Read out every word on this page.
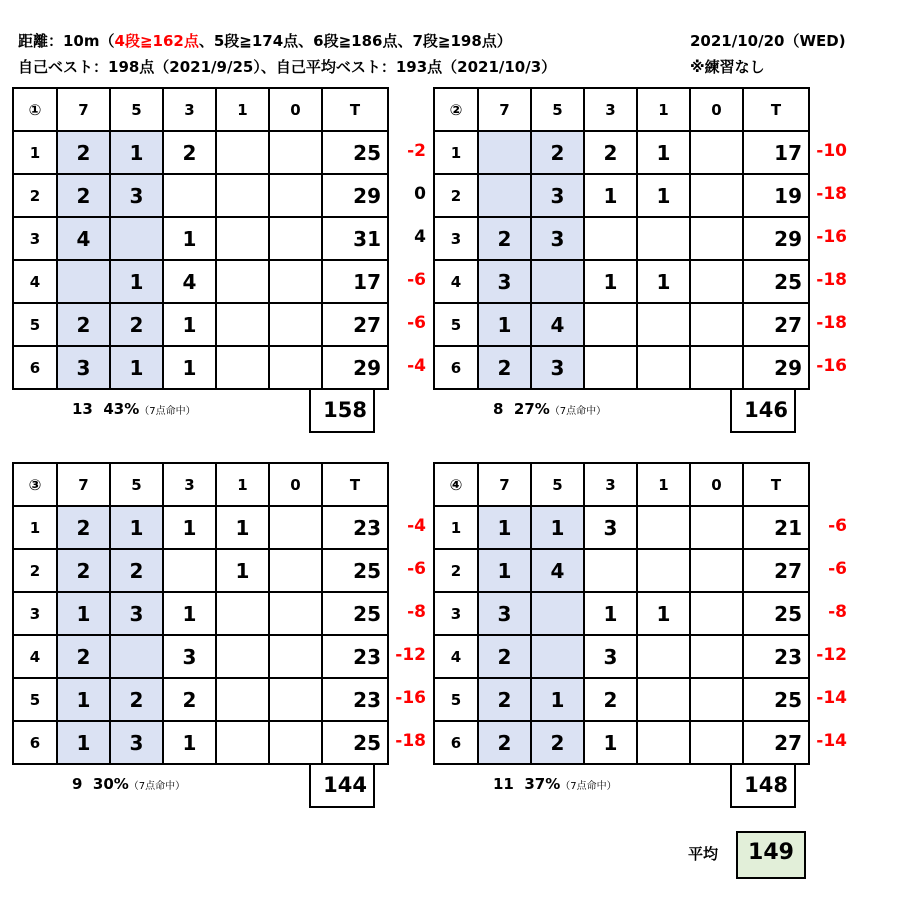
距離：10m（4段≧162点、5段≧174点、6段≧186点、7段≧198点）
自己ベスト：198点（2021/9/25）、自己平均ベスト：193点（2021/10/3）
2021/10/20（WED)
※練習なし
①	7	5	3	1	0	T
1	2	1	2			25
2	2	3				29
3	4		1			31
4		1	4			17
5	2	2	1			27
6	3	1	1			29
-2
0
4
-6
-6
-4
13 43%（7点命中）	158
②	7	5	3	1	0	T
1		2	2	1		17
2		3	1	1		19
3	2	3				29
4	3		1	1		25
5	1	4				27
6	2	3				29
-10
-18
-16
-18
-18
-16
8 27%（7点命中）	146
③	7	5	3	1	0	T
1	2	1	1	1		23
2	2	2		1		25
3	1	3	1			25
4	2		3			23
5	1	2	2			23
6	1	3	1			25
-4
-6
-8
-12
-16
-18
9 30%（7点命中）	144
④	7	5	3	1	0	T
1	1	1	3			21
2	1	4				27
3	3		1	1		25
4	2		3			23
5	2	1	2			25
6	2	2	1			27
-6
-6
-8
-12
-14
-14
11 37%（7点命中）	148
平均	149
